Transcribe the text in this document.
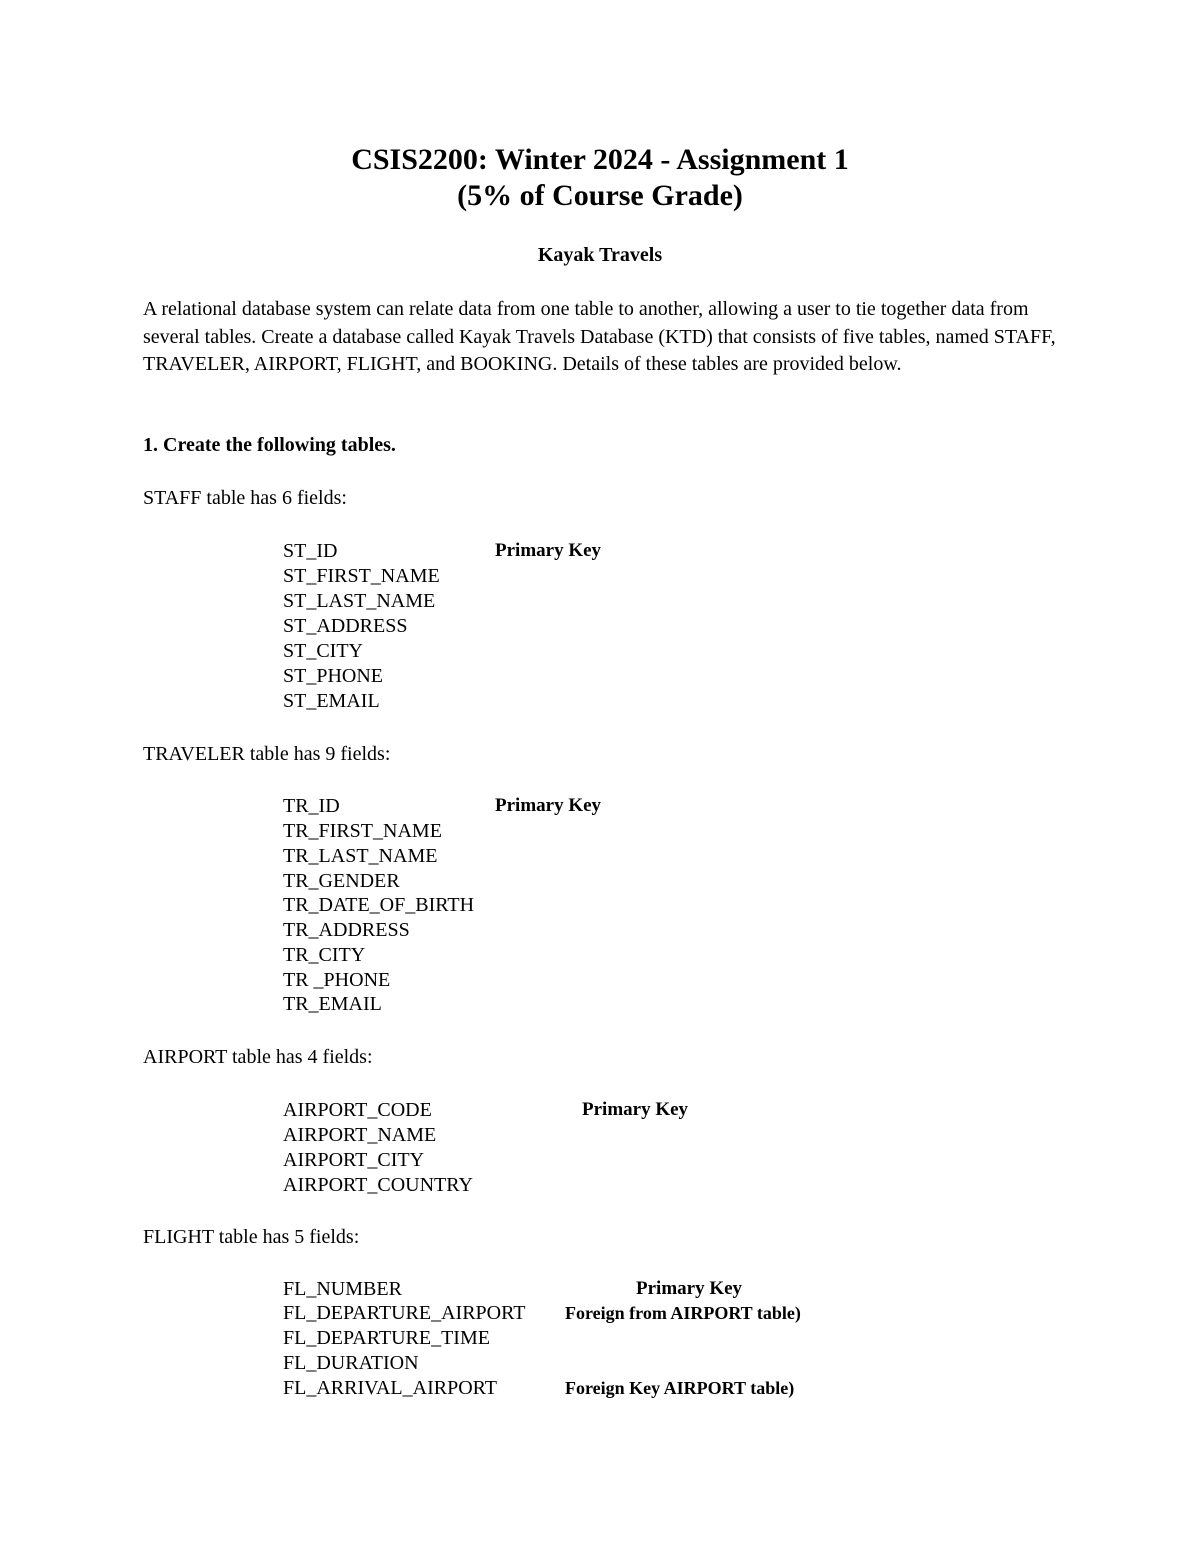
CSIS2200: Winter 2024 - Assignment 1
(5% of Course Grade)
Kayak Travels

A relational database system can relate data from one table to another, allowing a user to tie together data from several tables. Create a database called Kayak Travels Database (KTD) that consists of five tables, named STAFF, TRAVELER, AIRPORT, FLIGHT, and BOOKING. Details of these tables are provided below.

1. Create the following tables.

STAFF table has 6 fields:

ST_ID
ST_FIRST_NAME
ST_LAST_NAME
ST_ADDRESS
ST_CITY
ST_PHONE
ST_EMAIL
Primary Key

TRAVELER table has 9 fields:

TR_ID
TR_FIRST_NAME
TR_LAST_NAME
TR_GENDER
TR_DATE_OF_BIRTH
TR_ADDRESS
TR_CITY
TR _PHONE
TR_EMAIL
Primary Key

AIRPORT table has 4 fields:

AIRPORT_CODE
AIRPORT_NAME
AIRPORT_CITY
AIRPORT_COUNTRY
Primary Key

FLIGHT table has 5 fields:

FL_NUMBER
FL_DEPARTURE_AIRPORT
FL_DEPARTURE_TIME
FL_DURATION
FL_ARRIVAL_AIRPORT
Primary Key
Foreign from AIRPORT table)
Foreign Key AIRPORT table)
